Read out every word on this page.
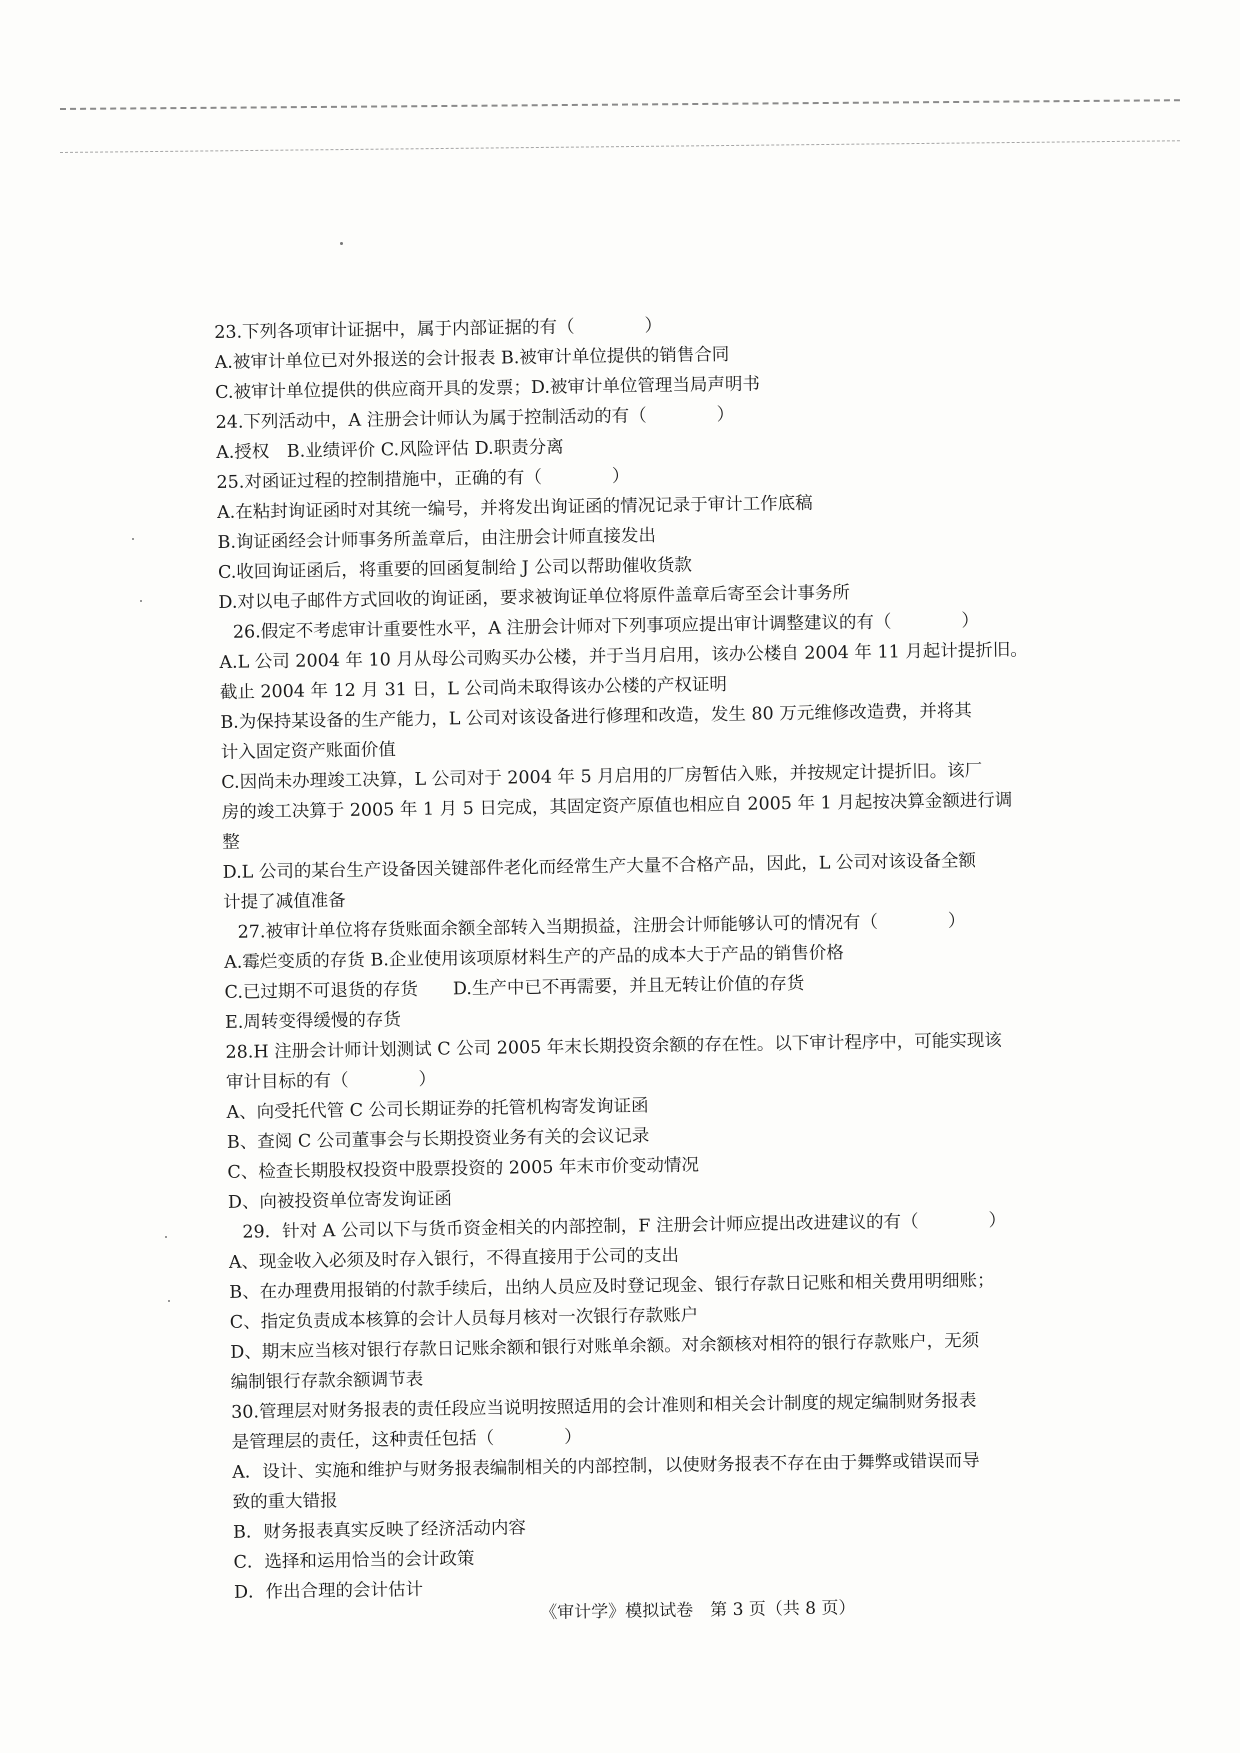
23.下列各项审计证据中，属于内部证据的有（　　　　）
A.被审计单位已对外报送的会计报表 B.被审计单位提供的销售合同
C.被审计单位提供的供应商开具的发票；D.被审计单位管理当局声明书
24.下列活动中，A 注册会计师认为属于控制活动的有（　　　　）
A.授权　B.业绩评价 C.风险评估 D.职责分离
25.对函证过程的控制措施中，正确的有（　　　　）
A.在粘封询证函时对其统一编号，并将发出询证函的情况记录于审计工作底稿
B.询证函经会计师事务所盖章后，由注册会计师直接发出
C.收回询证函后，将重要的回函复制给 J 公司以帮助催收货款
D.对以电子邮件方式回收的询证函，要求被询证单位将原件盖章后寄至会计事务所
26.假定不考虑审计重要性水平，A 注册会计师对下列事项应提出审计调整建议的有（　　　　）
A.L 公司 2004 年 10 月从母公司购买办公楼，并于当月启用，该办公楼自 2004 年 11 月起计提折旧。
截止 2004 年 12 月 31 日，L 公司尚未取得该办公楼的产权证明
B.为保持某设备的生产能力，L 公司对该设备进行修理和改造，发生 80 万元维修改造费，并将其
计入固定资产账面价值
C.因尚未办理竣工决算，L 公司对于 2004 年 5 月启用的厂房暂估入账，并按规定计提折旧。该厂
房的竣工决算于 2005 年 1 月 5 日完成，其固定资产原值也相应自 2005 年 1 月起按决算金额进行调
整
D.L 公司的某台生产设备因关键部件老化而经常生产大量不合格产品，因此，L 公司对该设备全额
计提了减值准备
27.被审计单位将存货账面余额全部转入当期损益，注册会计师能够认可的情况有（　　　　）
A.霉烂变质的存货 B.企业使用该项原材料生产的产品的成本大于产品的销售价格
C.已过期不可退货的存货　　D.生产中已不再需要，并且无转让价值的存货
E.周转变得缓慢的存货
28.H 注册会计师计划测试 C 公司 2005 年末长期投资余额的存在性。以下审计程序中，可能实现该
审计目标的有（　　　　）
A、向受托代管 C 公司长期证券的托管机构寄发询证函
B、查阅 C 公司董事会与长期投资业务有关的会议记录
C、检查长期股权投资中股票投资的 2005 年末市价变动情况
D、向被投资单位寄发询证函
29．针对 A 公司以下与货币资金相关的内部控制，F 注册会计师应提出改进建议的有（　　　　）
A、现金收入必须及时存入银行，不得直接用于公司的支出
B、在办理费用报销的付款手续后，出纳人员应及时登记现金、银行存款日记账和相关费用明细账；
C、指定负责成本核算的会计人员每月核对一次银行存款账户
D、期末应当核对银行存款日记账余额和银行对账单余额。对余额核对相符的银行存款账户，无须
编制银行存款余额调节表
30.管理层对财务报表的责任段应当说明按照适用的会计准则和相关会计制度的规定编制财务报表
是管理层的责任，这种责任包括（　　　　）
A．设计、实施和维护与财务报表编制相关的内部控制，以使财务报表不存在由于舞弊或错误而导
致的重大错报
B．财务报表真实反映了经济活动内容
C．选择和运用恰当的会计政策
D．作出合理的会计估计
《审计学》模拟试卷　第 3 页（共 8 页）
